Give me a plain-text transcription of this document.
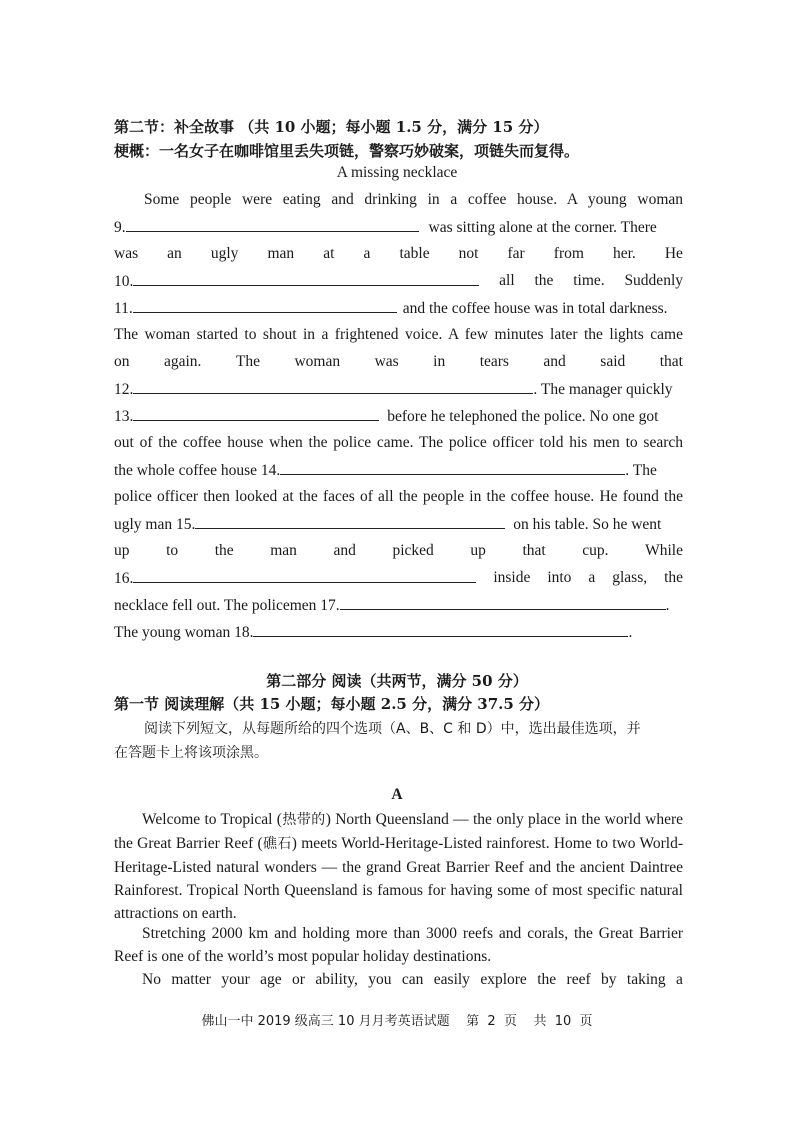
第二节：补全故事 （共 10 小题；每小题 1.5 分，满分 15 分）
梗概：一名女子在咖啡馆里丢失项链，警察巧妙破案，项链失而复得。
A missing necklace
Some people were eating and drinking in a coffee house. A young woman
9.	was sitting alone at the corner. There
was an ugly man at a table not far from her. He
10.	all the time. Suddenly
11.	and the coffee house was in total darkness.
The woman started to shout in a frightened voice. A few minutes later the lights came
on again. The woman was in tears and said that
12.	. The manager quickly
13.	before he telephoned the police. No one got
out of the coffee house when the police came. The police officer told his men to search
the whole coffee house 14.	. The
police officer then looked at the faces of all the people in the coffee house. He found the
ugly man 15.	on his table. So he went
up to the man and picked up that cup. While
16.	inside into a glass, the
necklace fell out. The policemen 17.	.
The young woman 18.	.
第二部分 阅读（共两节，满分 50 分）
第一节 阅读理解（共 15 小题；每小题 2.5 分，满分 37.5 分）
阅读下列短文，从每题所给的四个选项（A、B、C 和 D）中，选出最佳选项，并
在答题卡上将该项涂黑。
A
Welcome to Tropical (热带的) North Queensland — the only place in the world where the Great Barrier Reef (礁石) meets World-Heritage-Listed rainforest. Home to two World-Heritage-Listed natural wonders — the grand Great Barrier Reef and the ancient Daintree Rainforest. Tropical North Queensland is famous for having some of most specific natural attractions on earth.
Stretching 2000 km and holding more than 3000 reefs and corals, the Great Barrier Reef is one of the world’s most popular holiday destinations.
No matter your age or ability, you can easily explore the reef by taking a
佛山一中 2019 级高三 10 月月考英语试题    第  2  页    共  10  页
